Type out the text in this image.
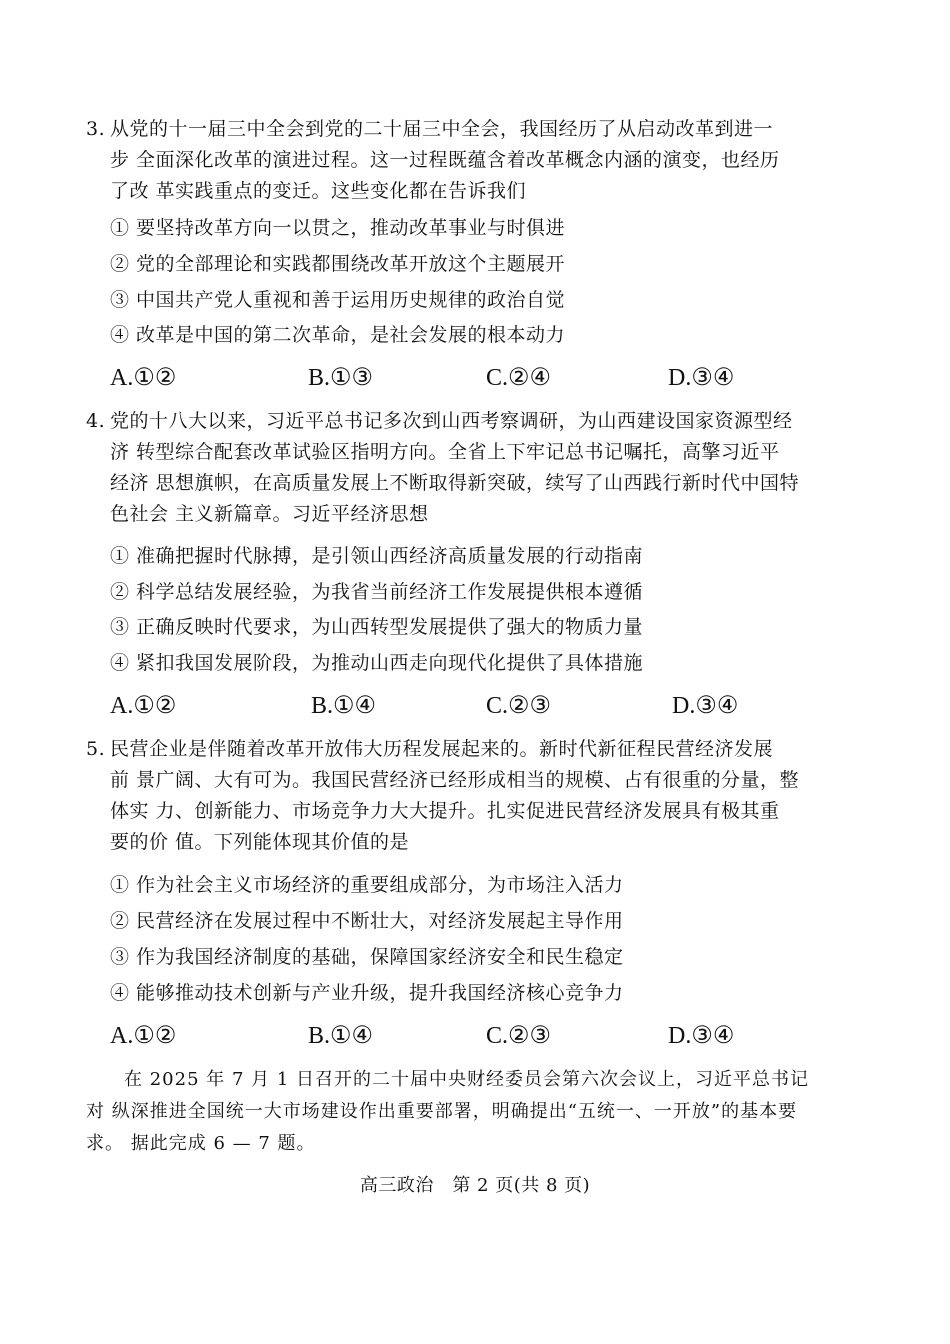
3. 从党的十一届三中全会到党的二十届三中全会，我国经历了从启动改革到进一
步 全面深化改革的演进过程。这一过程既蕴含着改革概念内涵的演变，也经历
了改 革实践重点的变迁。这些变化都在告诉我们
① 要坚持改革方向一以贯之，推动改革事业与时俱进
② 党的全部理论和实践都围绕改革开放这个主题展开
③ 中国共产党人重视和善于运用历史规律的政治自觉
④ 改革是中国的第二次革命，是社会发展的根本动力
A.①②	B.①③	C.②④	D.③④
4. 党的十八大以来，习近平总书记多次到山西考察调研，为山西建设国家资源型经
济 转型综合配套改革试验区指明方向。全省上下牢记总书记嘱托，高擎习近平
经济 思想旗帜，在高质量发展上不断取得新突破，续写了山西践行新时代中国特
色社会 主义新篇章。习近平经济思想
① 准确把握时代脉搏，是引领山西经济高质量发展的行动指南
② 科学总结发展经验，为我省当前经济工作发展提供根本遵循
③ 正确反映时代要求，为山西转型发展提供了强大的物质力量
④ 紧扣我国发展阶段，为推动山西走向现代化提供了具体措施
A.①②	B.①④	C.②③	D.③④
5. 民营企业是伴随着改革开放伟大历程发展起来的。新时代新征程民营经济发展
前 景广阔、大有可为。我国民营经济已经形成相当的规模、占有很重的分量，整
体实 力、创新能力、市场竞争力大大提升。扎实促进民营经济发展具有极其重
要的价 值。下列能体现其价值的是
① 作为社会主义市场经济的重要组成部分，为市场注入活力
② 民营经济在发展过程中不断壮大，对经济发展起主导作用
③ 作为我国经济制度的基础，保障国家经济安全和民生稳定
④ 能够推动技术创新与产业升级，提升我国经济核心竞争力
A.①②	B.①④	C.②③	D.③④
　　在 2025 年 7 月 1 日召开的二十届中央财经委员会第六次会议上，习近平总书记
对 纵深推进全国统一大市场建设作出重要部署，明确提出“五统一、一开放”的基本要
求。 据此完成 6 — 7 题。
高三政治　第 2 页(共 8 页)
